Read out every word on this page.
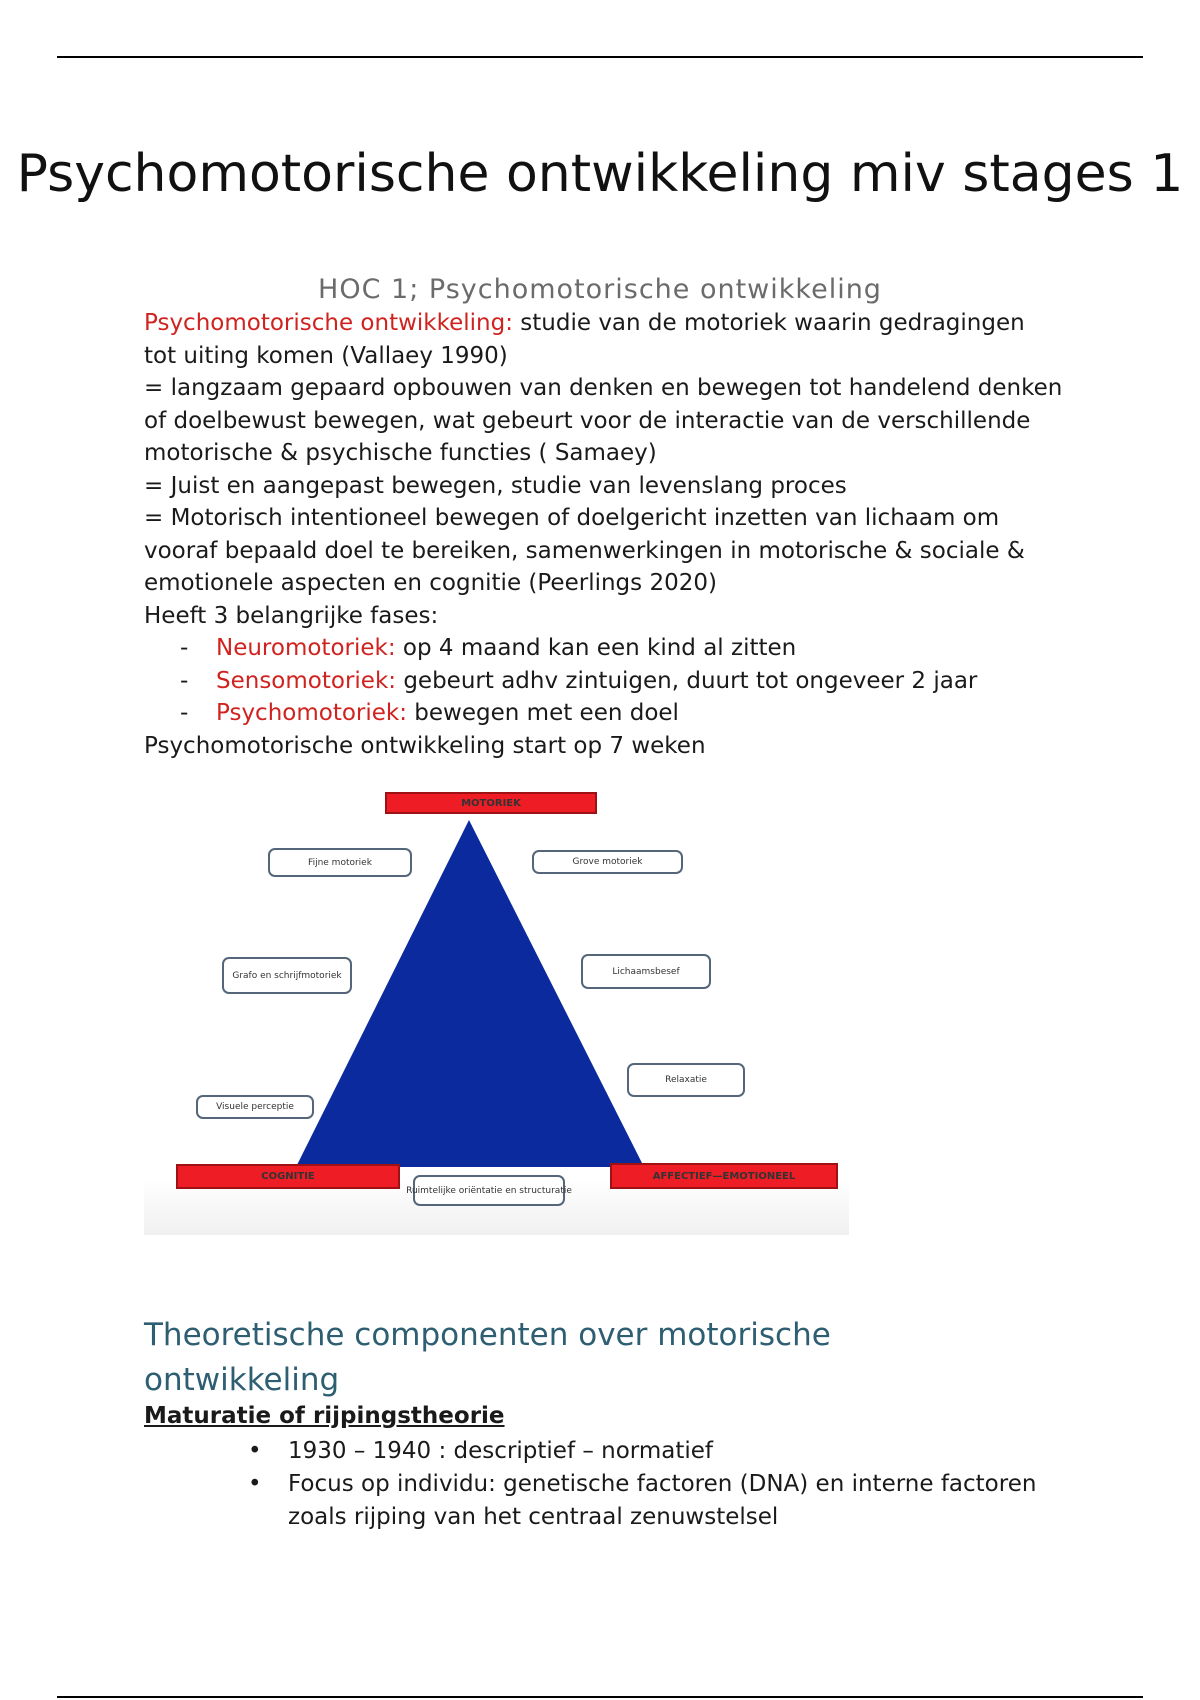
Psychomotorische ontwikkeling miv stages 1
HOC 1; Psychomotorische ontwikkeling

Psychomotorische ontwikkeling: studie van de motoriek waarin gedragingen tot uiting komen (Vallaey 1990)

= langzaam gepaard opbouwen van denken en bewegen tot handelend denken of doelbewust bewegen, wat gebeurt voor de interactie van de verschillende motorische & psychische functies ( Samaey)

= Juist en aangepast bewegen, studie van levenslang proces

= Motorisch intentioneel bewegen of doelgericht inzetten van lichaam om vooraf bepaald doel te bereiken, samenwerkingen in motorische & sociale & emotionele aspecten en cognitie (Peerlings 2020)

Heeft 3 belangrijke fases:

- Neuromotoriek: op 4 maand kan een kind al zitten
- Sensomotoriek: gebeurt adhv zintuigen, duurt tot ongeveer 2 jaar
- Psychomotoriek: bewegen met een doel

Psychomotorische ontwikkeling start op 7 weken

MOTORIEK
COGNITIE	AFFECTIEF—EMOTIONEEL
Fijne motoriek	Grove motoriek
Grafo en schrijfmotoriek	Lichaamsbesef
Relaxatie
Visuele perceptie
Ruimtelijke oriëntatie en structuratie
Theoretische componenten over motorische ontwikkeling
Maturatie of rijpingstheorie
• 1930 – 1940 : descriptief – normatief
• Focus op individu: genetische factoren (DNA) en interne factoren zoals rijping van het centraal zenuwstelsel
